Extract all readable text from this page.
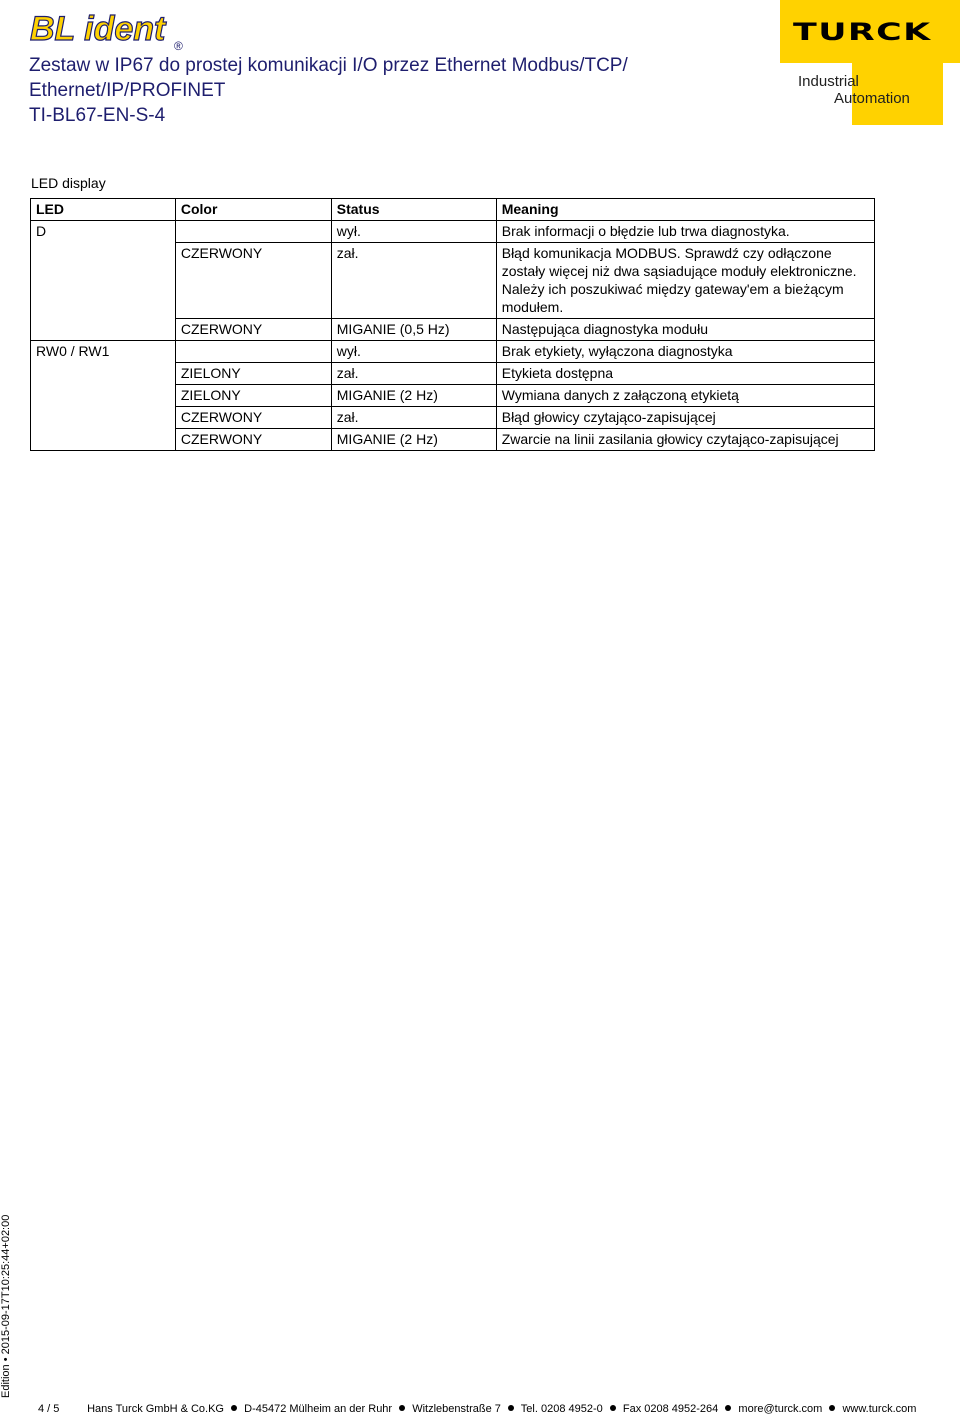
BL ident ®
Zestaw w IP67 do prostej komunikacji I/O przez Ethernet Modbus/TCP/
Ethernet/IP/PROFINET
TI-BL67-EN-S-4
TURCK
Industrial
Automation
LED display
LED	Color	Status	Meaning
D		wył.	Brak informacji o błędzie lub trwa diagnostyka.
	CZERWONY	zał.	Błąd komunikacja MODBUS. Sprawdź czy odłączone zostały więcej niż dwa sąsiadujące moduły elektroniczne. Należy ich poszukiwać między gateway'em a bieżącym modułem.
	CZERWONY	MIGANIE (0,5 Hz)	Następująca diagnostyka modułu
RW0 / RW1		wył.	Brak etykiety, wyłączona diagnostyka
	ZIELONY	zał.	Etykieta dostępna
	ZIELONY	MIGANIE (2 Hz)	Wymiana danych z załączoną etykietą
	CZERWONY	zał.	Błąd głowicy czytająco-zapisującej
	CZERWONY	MIGANIE (2 Hz)	Zwarcie na linii zasilania głowicy czytająco-zapisującej
Edition • 2015-09-17T10:25:44+02:00
4 / 5	Hans Turck GmbH & Co.KG D-45472 Mülheim an der Ruhr Witzlebenstraße 7 Tel. 0208 4952-0 Fax 0208 4952-264 more@turck.com www.turck.com
